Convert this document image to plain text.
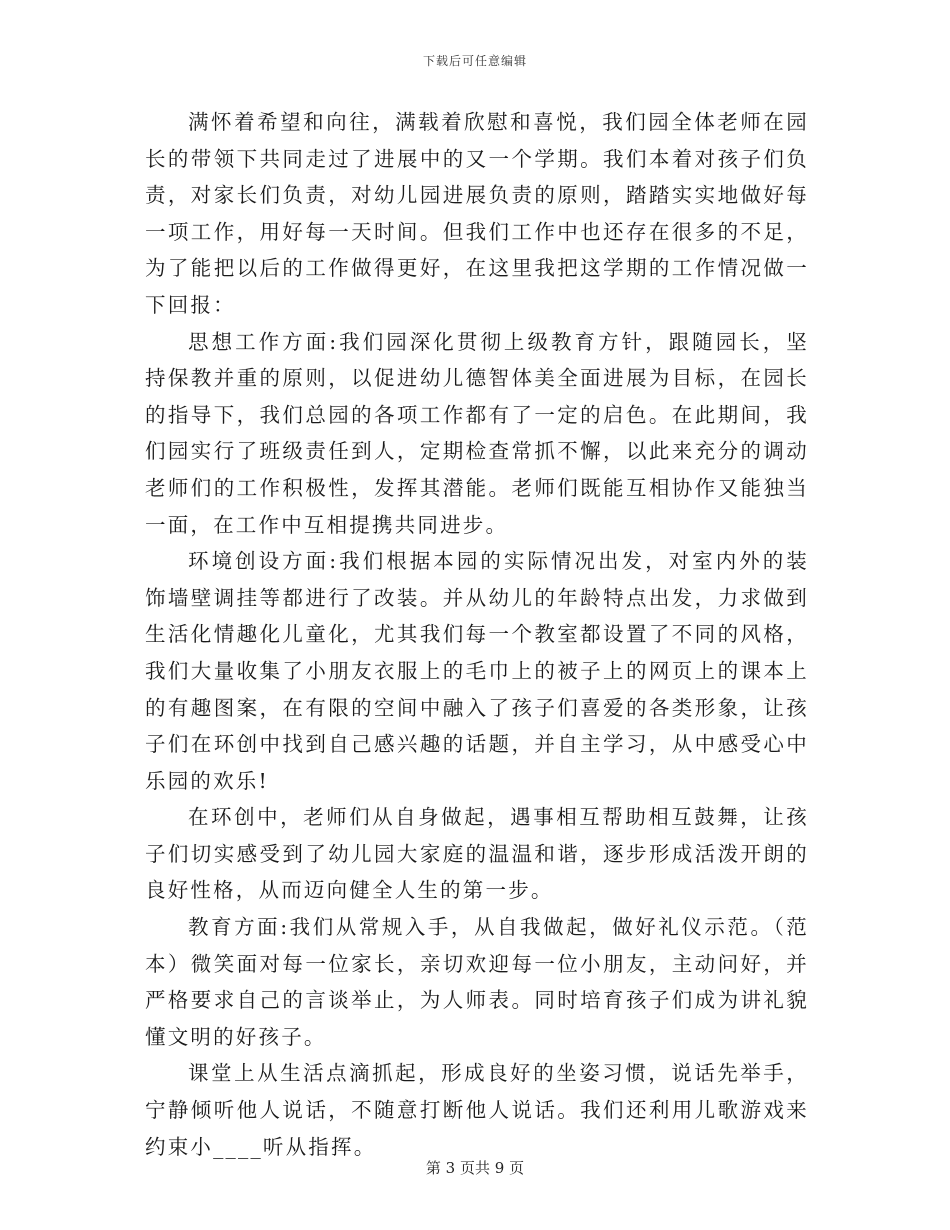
下载后可任意编辑

满怀着希望和向往，满载着欣慰和喜悦，我们园全体老师在园长的带领下共同走过了进展中的又一个学期。我们本着对孩子们负责，对家长们负责，对幼儿园进展负责的原则，踏踏实实地做好每一项工作，用好每一天时间。但我们工作中也还存在很多的不足，为了能把以后的工作做得更好，在这里我把这学期的工作情况做一下回报：

思想工作方面:我们园深化贯彻上级教育方针，跟随园长，坚持保教并重的原则，以促进幼儿德智体美全面进展为目标，在园长的指导下，我们总园的各项工作都有了一定的启色。在此期间，我们园实行了班级责任到人，定期检查常抓不懈，以此来充分的调动老师们的工作积极性，发挥其潜能。老师们既能互相协作又能独当一面，在工作中互相提携共同进步。

环境创设方面:我们根据本园的实际情况出发，对室内外的装饰墙壁调挂等都进行了改装。并从幼儿的年龄特点出发，力求做到生活化情趣化儿童化，尤其我们每一个教室都设置了不同的风格，我们大量收集了小朋友衣服上的毛巾上的被子上的网页上的课本上的有趣图案，在有限的空间中融入了孩子们喜爱的各类形象，让孩子们在环创中找到自己感兴趣的话题，并自主学习，从中感受心中乐园的欢乐!

在环创中，老师们从自身做起，遇事相互帮助相互鼓舞，让孩子们切实感受到了幼儿园大家庭的温温和谐，逐步形成活泼开朗的良好性格，从而迈向健全人生的第一步。

教育方面:我们从常规入手，从自我做起，做好礼仪示范。（范本）微笑面对每一位家长，亲切欢迎每一位小朋友，主动问好，并严格要求自己的言谈举止，为人师表。同时培育孩子们成为讲礼貌懂文明的好孩子。

课堂上从生活点滴抓起，形成良好的坐姿习惯，说话先举手，宁静倾听他人说话，不随意打断他人说话。我们还利用儿歌游戏来约束小____听从指挥。

第 3 页共 9 页
